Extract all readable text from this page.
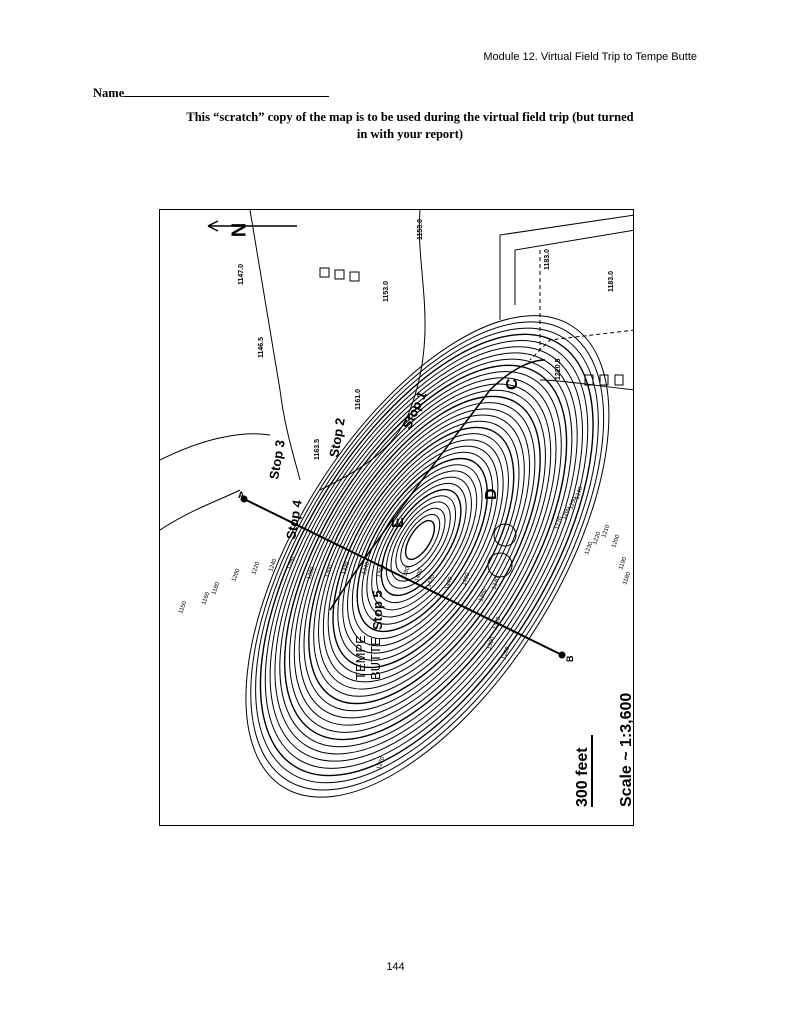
Module 12. Virtual Field Trip to Tempe Butte
Name
This “scratch” copy of the map is to be used during the virtual field trip (but turned
in with your report)
N	1153.0
1147.0
1153.0
1146.5
1161.0
1163.5
1183.0
1183.0
1220.5
Stop 1
Stop 2
Stop 3
Stop 4
Stop 5
A
B
C
D
E
TEMPE BUTTE
1150
1160
1180
1200 1220 1240 1260
1280 1300 1320 1340 1360 1380 1400 1420 1440 1460
1360
1340
1320
1300
1280
1270
1260
1250
1240
1230
1220
1210
1200
1190
1180
1270	300 feet Scale ~ 1:3,600
144
